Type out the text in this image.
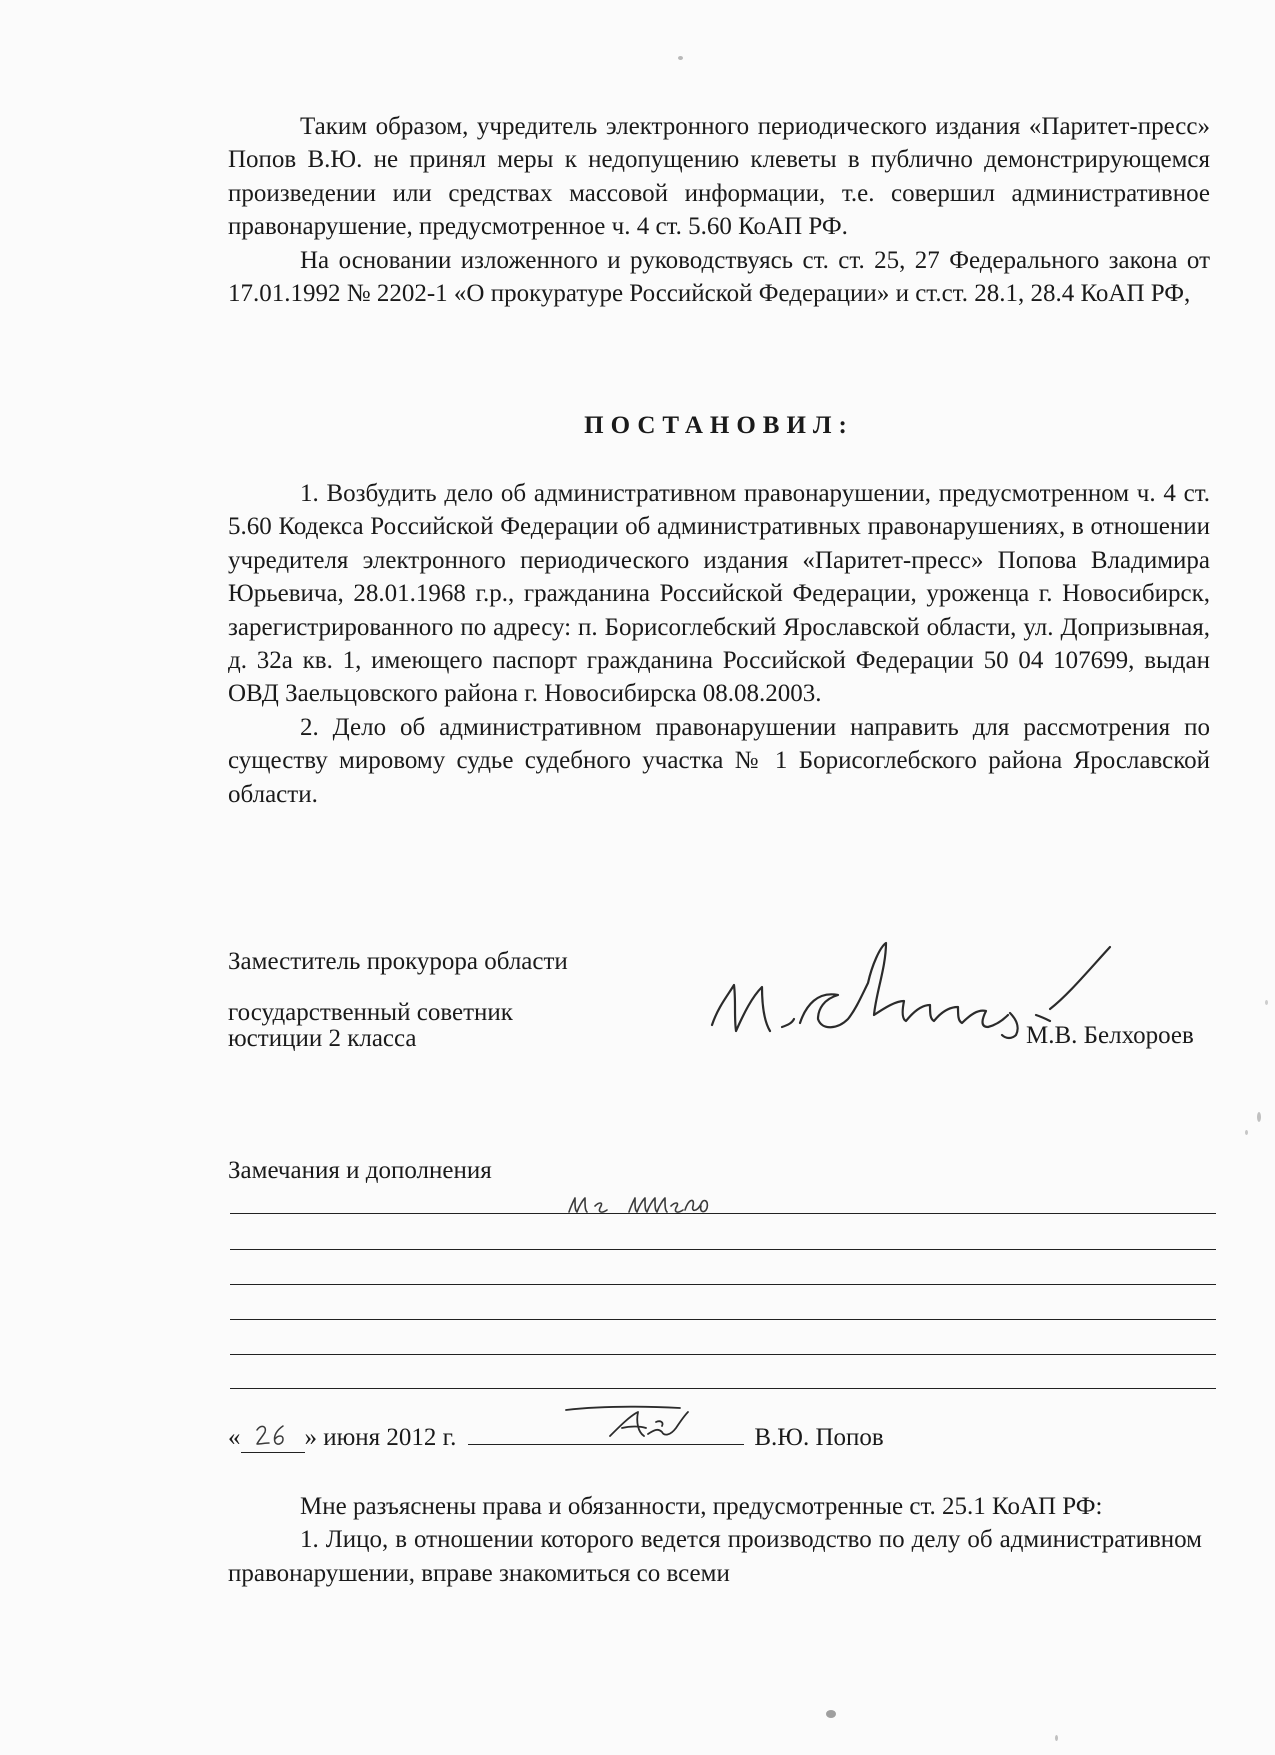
Таким образом, учредитель электронного периодического издания «Паритет-пресс» Попов В.Ю. не принял меры к недопущению клеветы в публично демонстрирующемся произведении или средствах массовой информации, т.е. совершил административное правонарушение, предусмотренное ч. 4 ст. 5.60 КоАП РФ.

На основании изложенного и руководствуясь ст. ст. 25, 27 Федерального закона от 17.01.1992 № 2202-1 «О прокуратуре Российской Федерации» и ст.ст. 28.1, 28.4 КоАП РФ,

ПОСТАНОВИЛ:

1. Возбудить дело об административном правонарушении, предусмотренном ч. 4 ст. 5.60 Кодекса Российской Федерации об административных правонарушениях, в отношении учредителя электронного периодического издания «Паритет-пресс» Попова Владимира Юрьевича, 28.01.1968 г.р., гражданина Российской Федерации, уроженца г. Новосибирск, зарегистрированного по адресу: п. Борисоглебский Ярославской области, ул. Допризывная, д. 32а кв. 1, имеющего паспорт гражданина Российской Федерации 50 04 107699, выдан ОВД Заельцовского района г. Новосибирска 08.08.2003.

2. Дело об административном правонарушении направить для рассмотрения по существу мировому судье судебного участка № 1 Борисоглебского района Ярославской области.

Заместитель прокурора области
государственный советник
юстиции 2 класса	М.В. Белхороев
Замечания и дополнения
«	» июня 2012 г.	В.Ю. Попов

Мне разъяснены права и обязанности, предусмотренные ст. 25.1 КоАП РФ:

1. Лицо, в отношении которого ведется производство по делу об административном правонарушении, вправе знакомиться со всеми
